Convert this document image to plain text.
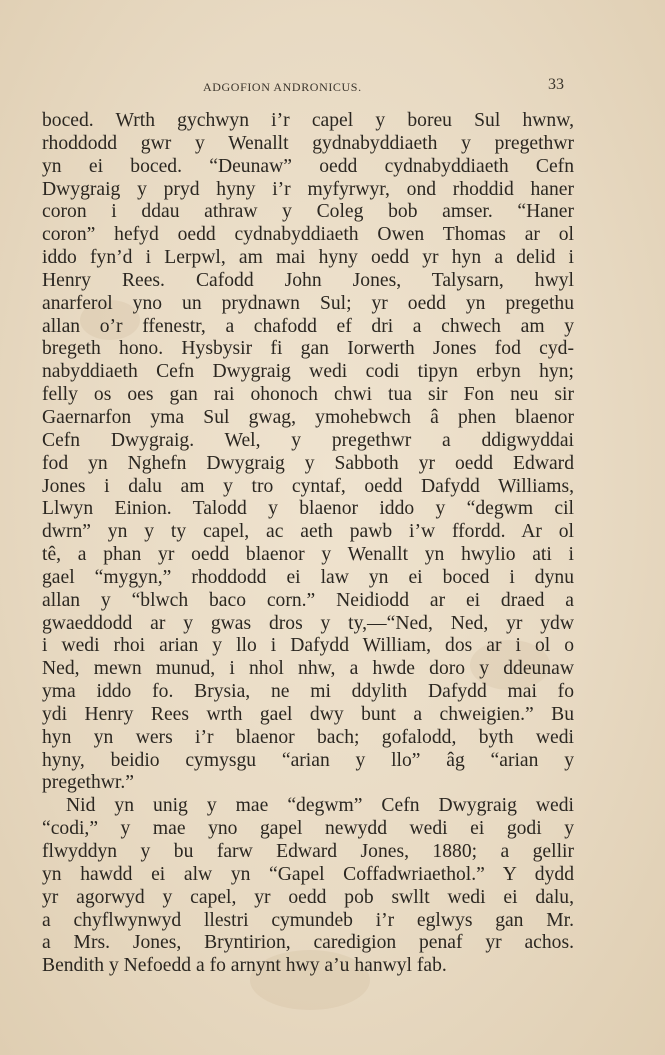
ADGOFION ANDRONICUS.	33
boced. Wrth gychwyn i’r capel y boreu Sul hwnw,
rhoddodd gwr y Wenallt gydnabyddiaeth y pregethwr
yn ei boced. “Deunaw” oedd cydnabyddiaeth Cefn
Dwygraig y pryd hyny i’r myfyrwyr, ond rhoddid haner
coron i ddau athraw y Coleg bob amser. “Haner
coron” hefyd oedd cydnabyddiaeth Owen Thomas ar ol
iddo fyn’d i Lerpwl, am mai hyny oedd yr hyn a delid i
Henry Rees. Cafodd John Jones, Talysarn, hwyl
anarferol yno un prydnawn Sul; yr oedd yn pregethu
allan o’r ffenestr, a chafodd ef dri a chwech am y
bregeth hono. Hysbysir fi gan Iorwerth Jones fod cyd-
nabyddiaeth Cefn Dwygraig wedi codi tipyn erbyn hyn;
felly os oes gan rai ohonoch chwi tua sir Fon neu sir
Gaernarfon yma Sul gwag, ymohebwch â phen blaenor
Cefn Dwygraig. Wel, y pregethwr a ddigwyddai
fod yn Nghefn Dwygraig y Sabboth yr oedd Edward
Jones i dalu am y tro cyntaf, oedd Dafydd Williams,
Llwyn Einion. Talodd y blaenor iddo y “degwm cil
dwrn” yn y ty capel, ac aeth pawb i’w ffordd. Ar ol
tê, a phan yr oedd blaenor y Wenallt yn hwylio ati i
gael “mygyn,” rhoddodd ei law yn ei boced i dynu
allan y “blwch baco corn.” Neidiodd ar ei draed a
gwaeddodd ar y gwas dros y ty,—“Ned, Ned, yr ydw
i wedi rhoi arian y llo i Dafydd William, dos ar i ol o
Ned, mewn munud, i nhol nhw, a hwde doro y ddeunaw
yma iddo fo. Brysia, ne mi ddylith Dafydd mai fo
ydi Henry Rees wrth gael dwy bunt a chweigien.” Bu
hyn yn wers i’r blaenor bach; gofalodd, byth wedi
hyny, beidio cymysgu “arian y llo” âg “arian y
pregethwr.”
Nid yn unig y mae “degwm” Cefn Dwygraig wedi
“codi,” y mae yno gapel newydd wedi ei godi y
flwyddyn y bu farw Edward Jones, 1880; a gellir
yn hawdd ei alw yn “Gapel Coffadwriaethol.” Y dydd
yr agorwyd y capel, yr oedd pob swllt wedi ei dalu,
a chyflwynwyd llestri cymundeb i’r eglwys gan Mr.
a Mrs. Jones, Bryntirion, caredigion penaf yr achos.
Bendith y Nefoedd a fo arnynt hwy a’u hanwyl fab.
